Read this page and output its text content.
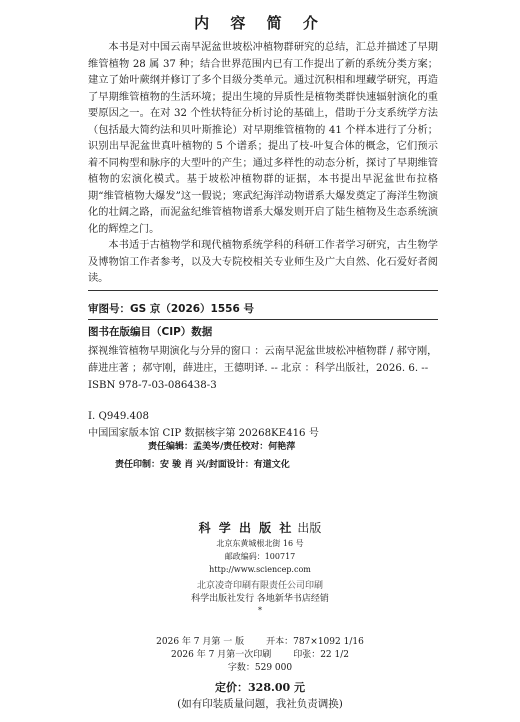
内 容 简 介

本书是对中国云南早泥盆世坡松冲植物群研究的总结，汇总并描述了早期维管植物 28 属 37 种；结合世界范围内已有工作提出了新的系统分类方案；建立了始叶蕨纲并修订了多个目级分类单元。通过沉积相和埋藏学研究，再造了早期维管植物的生活环境；提出生境的异质性是植物类群快速辐射演化的重要原因之一。在对 32 个性状特征分析讨论的基础上，借助于分支系统学方法（包括最大简约法和贝叶斯推论）对早期维管植物的 41 个样本进行了分析；识别出早泥盆世真叶植物的 5 个谱系；提出了枝-叶复合体的概念，它们预示着不同构型和脉序的大型叶的产生；通过多样性的动态分析，探讨了早期维管植物的宏演化模式。基于坡松冲植物群的证据，本书提出早泥盆世布拉格期“维管植物大爆发”这一假说；寒武纪海洋动物谱系大爆发奠定了海洋生物演化的壮阔之路，而泥盆纪维管植物谱系大爆发则开启了陆生植物及生态系统演化的辉煌之门。

本书适于古植物学和现代植物系统学科的科研工作者学习研究，古生物学及博物馆工作者参考，以及大专院校相关专业师生及广大自然、化石爱好者阅读。

审图号：GS 京（2026）1556 号
图书在版编目（CIP）数据

探视维管植物早期演化与分异的窗口 ：云南早泥盆世坡松冲植物群 / 郝守刚，薛进庄著 ；郝守刚，薛进庄，王德明译. -- 北京 ：科学出版社，2026. 6. -- ISBN 978-7-03-086438-3

Ⅰ. Q949.408

中国国家版本馆 CIP 数据核字第 20268KE416 号

责任编辑：孟美岑/责任校对：何艳萍
责任印制：安 骏 肖 兴/封面设计：有道文化
科 学 出 版 社 出版
北京东黄城根北街 16 号
邮政编码：100717
http://www.sciencep.com
北京凌奇印刷有限责任公司印刷
科学出版社发行 各地新华书店经销
*
2026 年 7 月第 一 版 开本：787×1092 1/16
2026 年 7 月第一次印刷 印张：22 1/2
字数：529 000
定价：328.00 元
(如有印装质量问题，我社负责调换)
